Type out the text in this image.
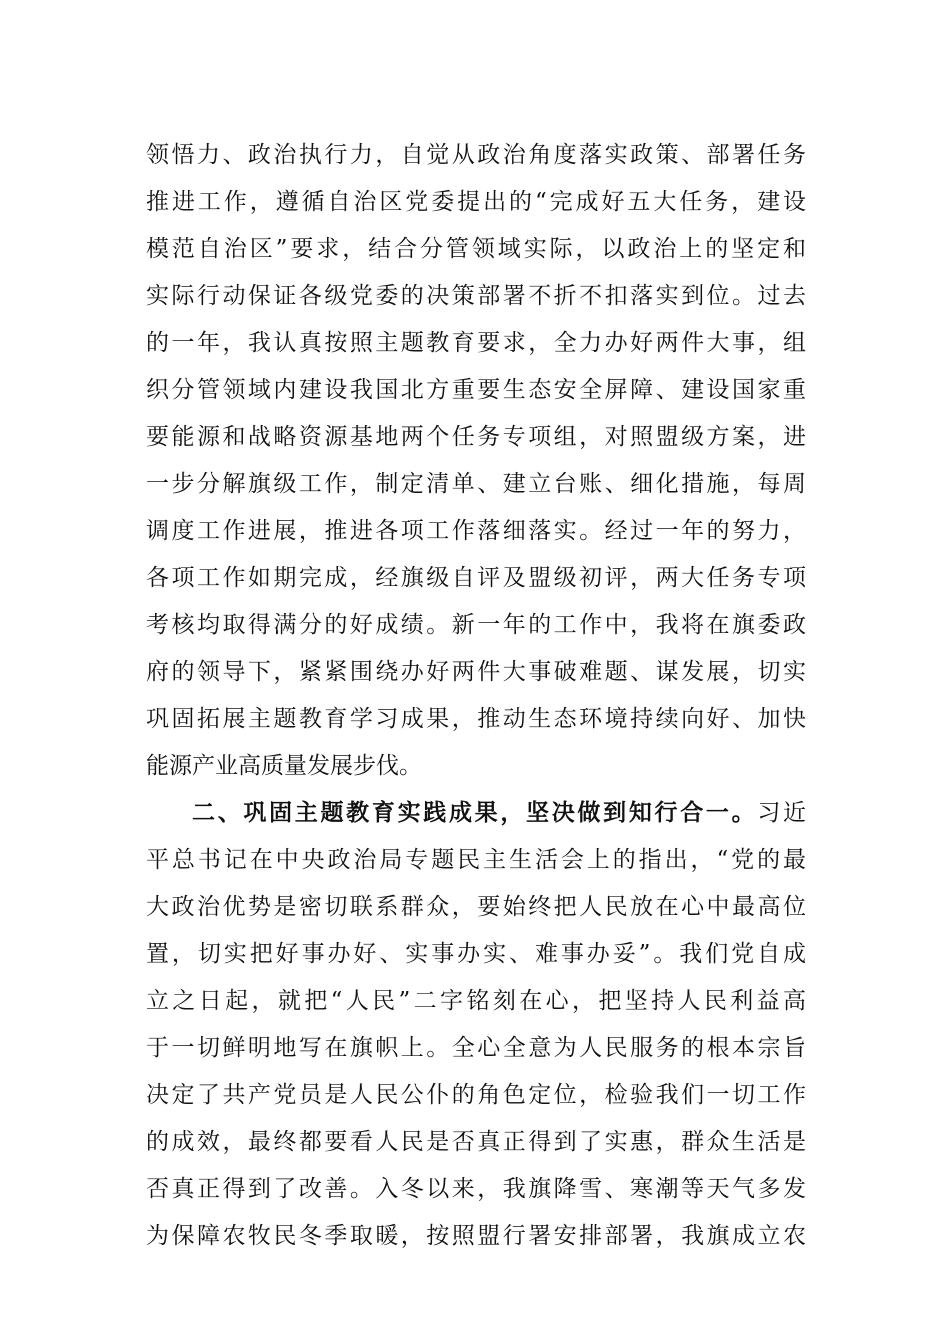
领悟力、政治执行力，自觉从政治角度落实政策、部署任务
推进工作，遵循自治区党委提出的“完成好五大任务，建设
模范自治区”要求，结合分管领域实际，以政治上的坚定和
实际行动保证各级党委的决策部署不折不扣落实到位。过去
的一年，我认真按照主题教育要求，全力办好两件大事，组
织分管领域内建设我国北方重要生态安全屏障、建设国家重
要能源和战略资源基地两个任务专项组，对照盟级方案，进
一步分解旗级工作，制定清单、建立台账、细化措施，每周
调度工作进展，推进各项工作落细落实。经过一年的努力，
各项工作如期完成，经旗级自评及盟级初评，两大任务专项
考核均取得满分的好成绩。新一年的工作中，我将在旗委政
府的领导下，紧紧围绕办好两件大事破难题、谋发展，切实
巩固拓展主题教育学习成果，推动生态环境持续向好、加快
能源产业高质量发展步伐。
二、巩固主题教育实践成果，坚决做到知行合一。习近
平总书记在中央政治局专题民主生活会上的指出，“党的最
大政治优势是密切联系群众，要始终把人民放在心中最高位
置，切实把好事办好、实事办实、难事办妥”。我们党自成
立之日起，就把“人民”二字铭刻在心，把坚持人民利益高
于一切鲜明地写在旗帜上。全心全意为人民服务的根本宗旨
决定了共产党员是人民公仆的角色定位，检验我们一切工作
的成效，最终都要看人民是否真正得到了实惠，群众生活是
否真正得到了改善。入冬以来，我旗降雪、寒潮等天气多发
为保障农牧民冬季取暖，按照盟行署安排部署，我旗成立农
